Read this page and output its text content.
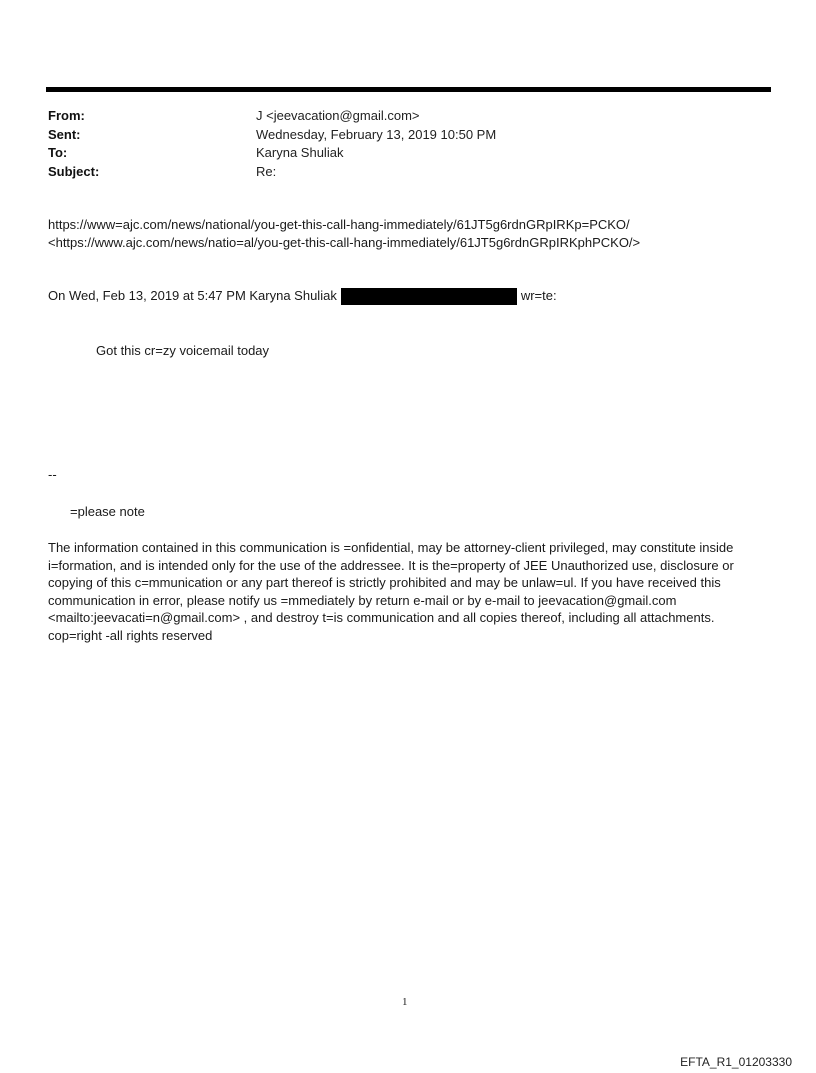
From:	J <jeevacation@gmail.com>
Sent:	Wednesday, February 13, 2019 10:50 PM
To:	Karyna Shuliak
Subject:	Re:
https://www=ajc.com/news/national/you-get-this-call-hang-immediately/61JT5g6rdnGRpIRKp=PCKO/
<https://www.ajc.com/news/natio=al/you-get-this-call-hang-immediately/61JT5g6rdnGRpIRKphPCKO/>
On Wed, Feb 13, 2019 at 5:47 PM Karyna Shuliak	wr=te:
Got this cr=zy voicemail today
--
=please note
The information contained in this communication is =onfidential, may be attorney-client privileged, may constitute inside i=formation, and is intended only for the use of the addressee. It is the=property of JEE Unauthorized use, disclosure or copying of this c=mmunication or any part thereof is strictly prohibited and may be unlaw=ul. If you have received this communication in error, please notify us =mmediately by return e-mail or by e-mail to jeevacation@gmail.com <mailto:jeevacati=n@gmail.com> , and destroy t=is communication and all copies thereof, including all attachments. cop=right -all rights reserved
1
EFTA_R1_01203330
